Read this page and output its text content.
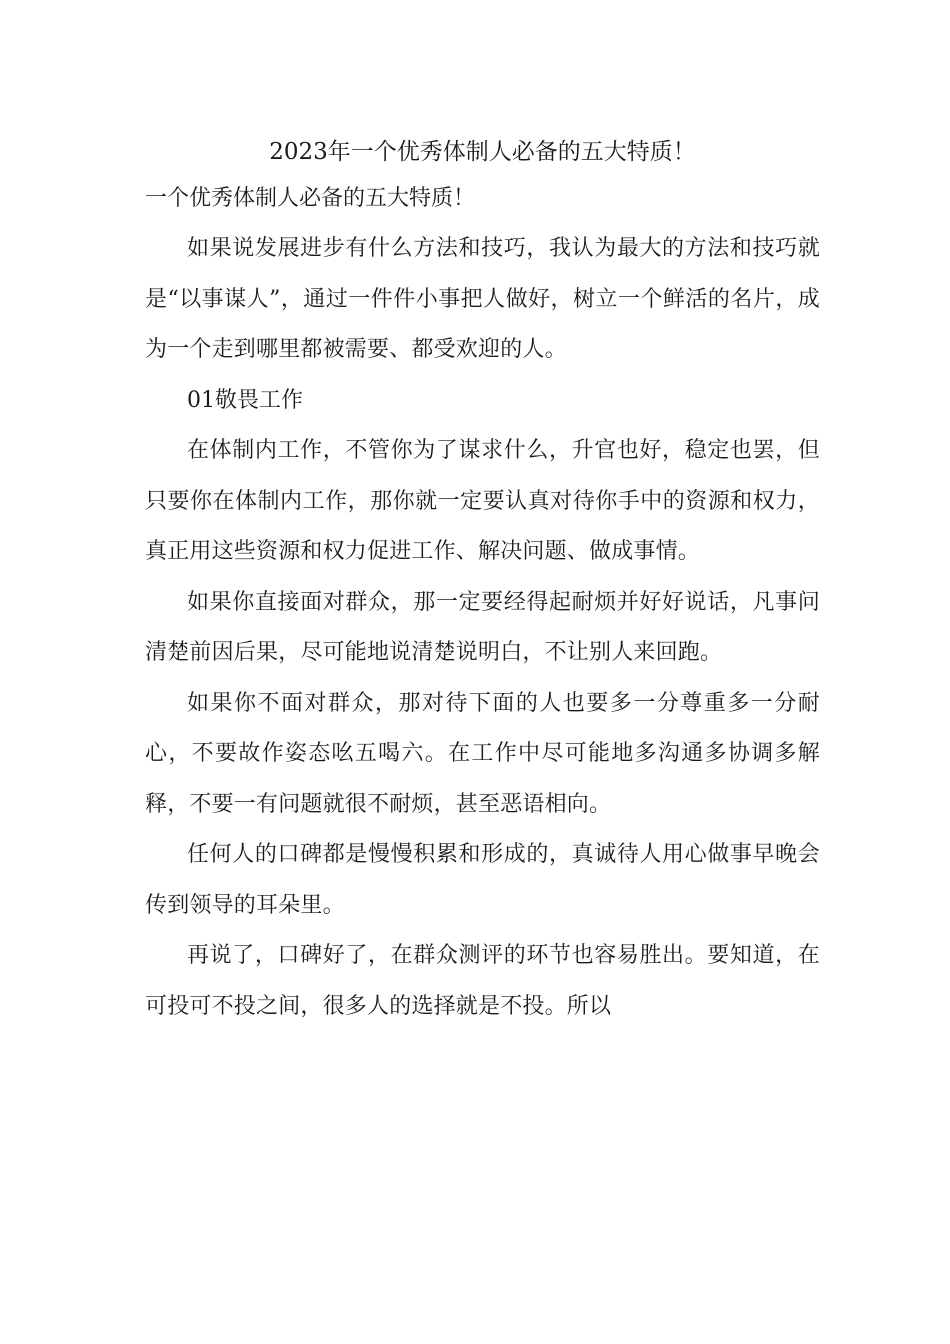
2023年一个优秀体制人必备的五大特质！

一个优秀体制人必备的五大特质！

如果说发展进步有什么方法和技巧，我认为最大的方法和技巧就是“以事谋人”，通过一件件小事把人做好，树立一个鲜活的名片，成为一个走到哪里都被需要、都受欢迎的人。

01敬畏工作

在体制内工作，不管你为了谋求什么，升官也好，稳定也罢，但只要你在体制内工作，那你就一定要认真对待你手中的资源和权力，真正用这些资源和权力促进工作、解决问题、做成事情。

如果你直接面对群众，那一定要经得起耐烦并好好说话，凡事问清楚前因后果，尽可能地说清楚说明白，不让别人来回跑。

如果你不面对群众，那对待下面的人也要多一分尊重多一分耐心，不要故作姿态吆五喝六。在工作中尽可能地多沟通多协调多解释，不要一有问题就很不耐烦，甚至恶语相向。

任何人的口碑都是慢慢积累和形成的，真诚待人用心做事早晚会传到领导的耳朵里。

再说了，口碑好了，在群众测评的环节也容易胜出。要知道，在可投可不投之间，很多人的选择就是不投。所以
